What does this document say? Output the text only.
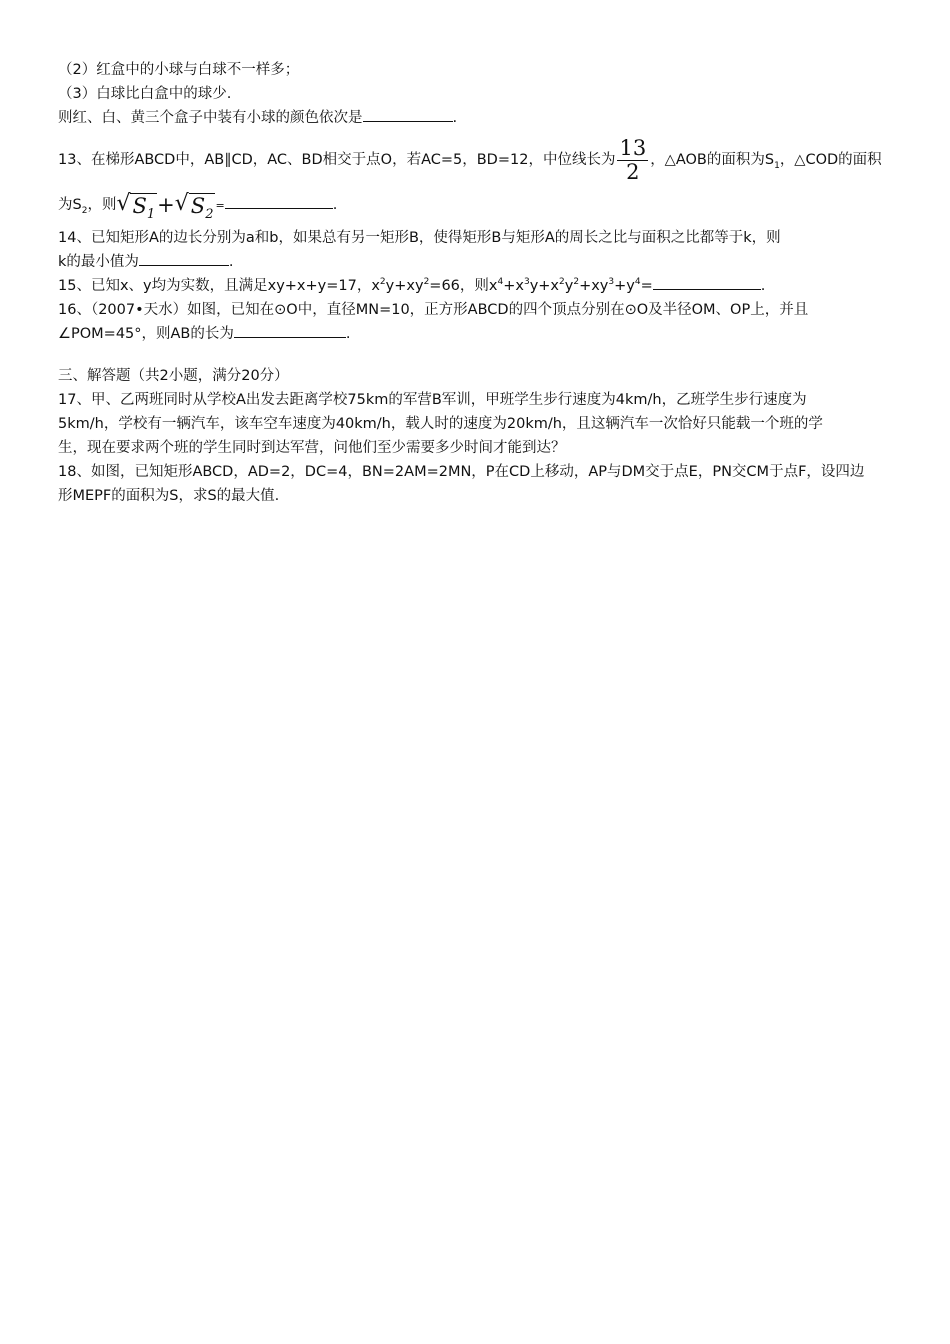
（2）红盒中的小球与白球不一样多；
（3）白球比白盒中的球少.
则红、白、黄三个盒子中装有小球的颜色依次是	.
13、在梯形ABCD中，AB∥CD，AC、BD相交于点O，若AC=5，BD=12，中位线长为 $\frac{13}{2}$ ，△AOB的面积为$S_1$，△COD的面积
为$S_2$，则$√S_1+√S_2=$	.
14、已知矩形A的边长分别为a和b，如果总有另一矩形B，使得矩形B与矩形A的周长之比与面积之比都等于k，则
k的最小值为	.
15、已知x、y均为实数，且满足xy+x+y=17，$x^2y+xy^2=66$，则$x^4+x^3y+x^2y^2+xy^3+y^4=$	.
16、（2007•天水）如图，已知在⊙O中，直径MN=10，正方形ABCD的四个顶点分别在⊙O及半径OM、OP上，并且
∠POM=45°，则AB的长为	.
三、解答题（共2小题，满分20分）
17、甲、乙两班同时从学校A出发去距离学校75km的军营B军训，甲班学生步行速度为4km/h，乙班学生步行速度为
5km/h，学校有一辆汽车，该车空车速度为40km/h，载人时的速度为20km/h，且这辆汽车一次恰好只能载一个班的学
生，现在要求两个班的学生同时到达军营，问他们至少需要多少时间才能到达？
18、如图，已知矩形ABCD，AD=2，DC=4，BN=2AM=2MN，P在CD上移动，AP与DM交于点E，PN交CM于点F，设四边
形MEPF的面积为S，求S的最大值.
